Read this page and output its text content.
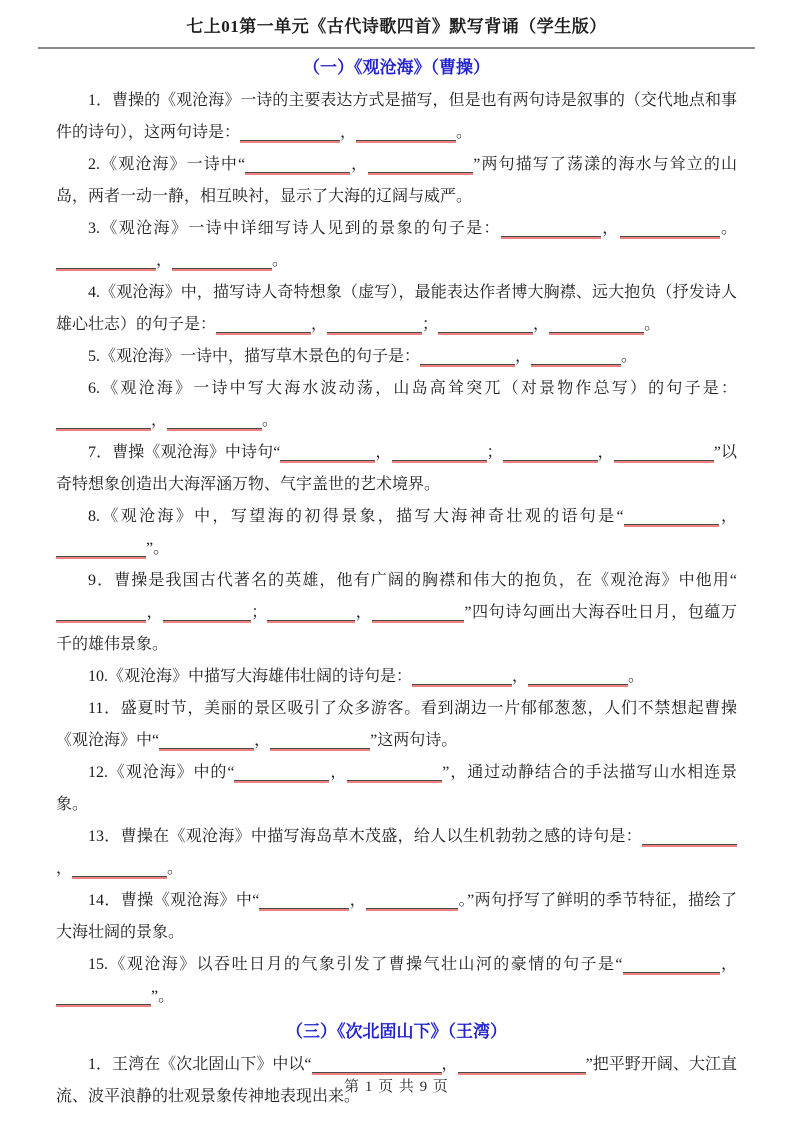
七上01第一单元《古代诗歌四首》默写背诵（学生版）
（一）《观沧海》（曹操）

1．曹操的《观沧海》一诗的主要表达方式是描写，但是也有两句诗是叙事的（交代地点和事件的诗句），这两句诗是：	，	。

2.《观沧海》一诗中“	，	”两句描写了荡漾的海水与耸立的山岛，两者一动一静，相互映衬，显示了大海的辽阔与威严。

3.《观沧海》一诗中详细写诗人见到的景象的句子是：	，	。，	。

4.《观沧海》中，描写诗人奇特想象（虚写），最能表达作者博大胸襟、远大抱负（抒发诗人雄心壮志）的句子是：	，	；	，	。

5.《观沧海》一诗中，描写草木景色的句子是：	，	。

6.《观沧海》一诗中写大海水波动荡，山岛高耸突兀（对景物作总写）的句子是：，	。

7．曹操《观沧海》中诗句“	，	；	，	”以奇特想象创造出大海浑涵万物、气宇盖世的艺术境界。

8.《观沧海》中，写望海的初得景象，描写大海神奇壮观的语句是“	，”。

9．曹操是我国古代著名的英雄，他有广阔的胸襟和伟大的抱负，在《观沧海》中他用“，	；	，	”四句诗勾画出大海吞吐日月，包蕴万千的雄伟景象。

10.《观沧海》中描写大海雄伟壮阔的诗句是：	，	。

11．盛夏时节，美丽的景区吸引了众多游客。看到湖边一片郁郁葱葱，人们不禁想起曹操《观沧海》中“	，	”这两句诗。

12.《观沧海》中的“	，	”，通过动静结合的手法描写山水相连景象。

13．曹操在《观沧海》中描写海岛草木茂盛，给人以生机勃勃之感的诗句是：，	。

14．曹操《观沧海》中“	，	。”两句抒写了鲜明的季节特征，描绘了大海壮阔的景象。

15.《观沧海》以吞吐日月的气象引发了曹操气壮山河的豪情的句子是“	，”。

（三）《次北固山下》（王湾）

1．王湾在《次北固山下》中以“	，	”把平野开阔、大江直流、波平浪静的壮观景象传神地表现出来。

第 1 页 共 9 页
